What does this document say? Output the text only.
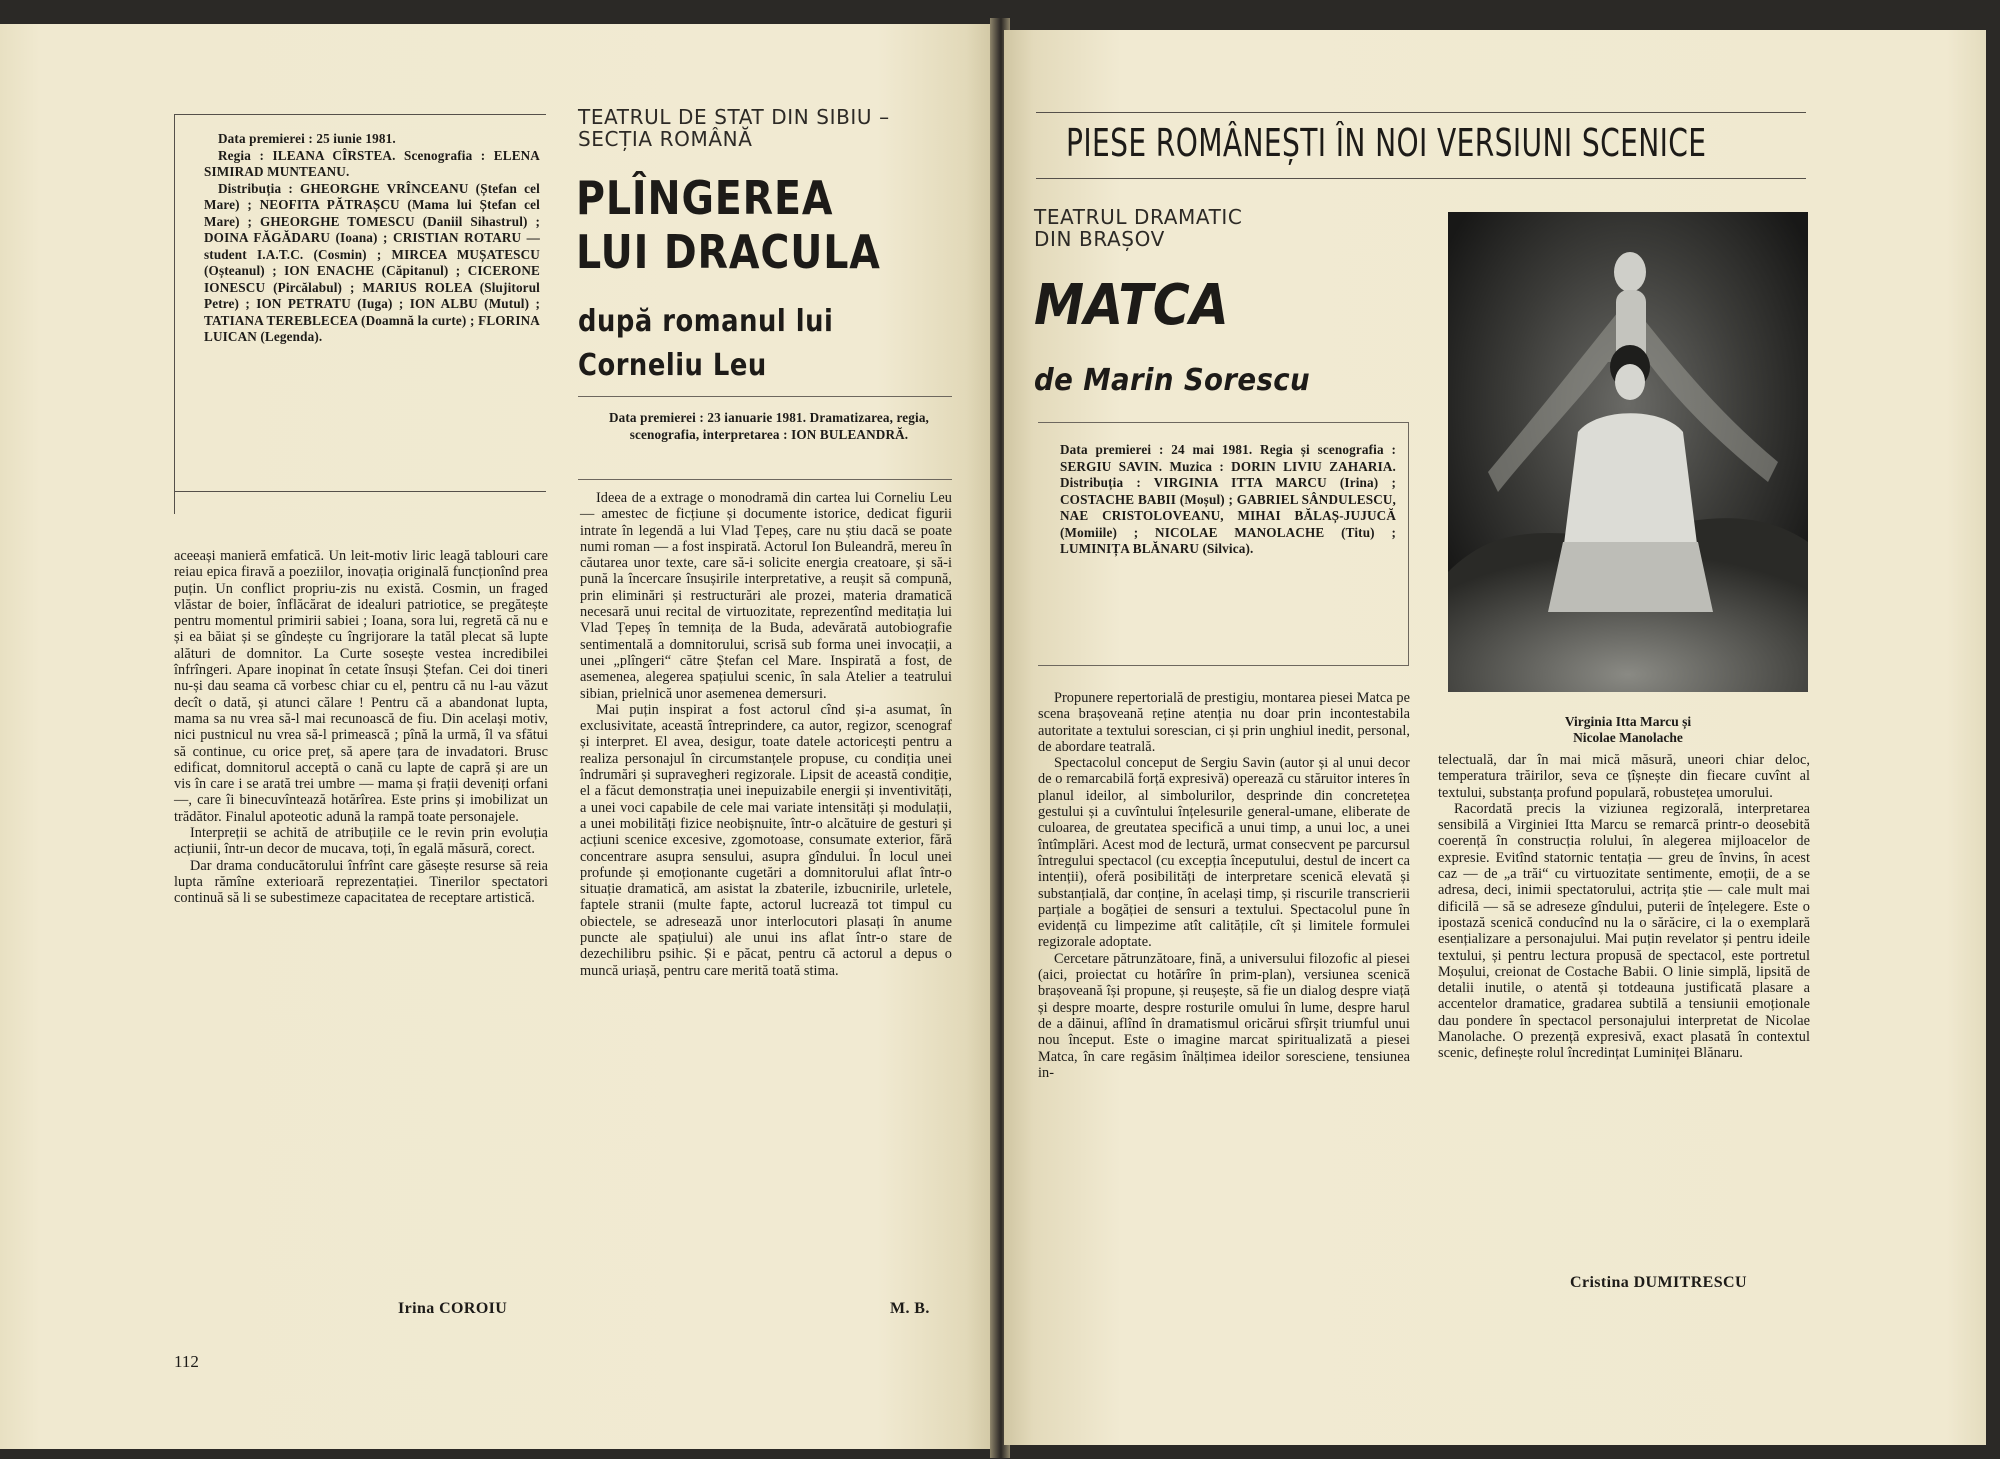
Data premierei : 25 iunie 1981.

Regia : ILEANA CÎRSTEA. Scenografia : ELENA SIMIRAD MUNTEANU.

Distribuția : GHEORGHE VRÎNCEANU (Ștefan cel Mare) ; NEOFITA PĂTRAȘCU (Mama lui Ștefan cel Mare) ; GHEORGHE TOMESCU (Daniil Sihastrul) ; DOINA FĂGĂDARU (Ioana) ; CRISTIAN ROTARU — student I.A.T.C. (Cosmin) ; MIRCEA MUȘATESCU (Oșteanul) ; ION ENACHE (Căpitanul) ; CICERONE IONESCU (Pircălabul) ; MARIUS ROLEA (Slujitorul Petre) ; ION PETRATU (Iuga) ; ION ALBU (Mutul) ; TATIANA TEREBLECEA (Doamnă la curte) ; FLORINA LUICAN (Legenda).

aceeași manieră emfatică. Un leit-motiv liric leagă tablouri care reiau epica firavă a poeziilor, inovația originală funcționînd prea puțin. Un conflict propriu-zis nu există. Cosmin, un fraged vlăstar de boier, înflăcărat de idealuri patriotice, se pregătește pentru momentul primirii sabiei ; Ioana, sora lui, regretă că nu e și ea băiat și se gîndește cu îngrijorare la tatăl plecat să lupte alături de domnitor. La Curte sosește vestea incredibilei înfrîngeri. Apare inopinat în cetate însuși Ștefan. Cei doi tineri nu-și dau seama că vorbesc chiar cu el, pentru că nu l-au văzut decît o dată, și atunci călare ! Pentru că a abandonat lupta, mama sa nu vrea să-l mai recunoască de fiu. Din același motiv, nici pustnicul nu vrea să-l primească ; pînă la urmă, îl va sfătui să continue, cu orice preț, să apere țara de invadatori. Brusc edificat, domnitorul acceptă o cană cu lapte de capră și are un vis în care i se arată trei umbre — mama și frații deveniți orfani —, care îi binecuvîntează hotărîrea. Este prins și imobilizat un trădător. Finalul apoteotic adună la rampă toate personajele.

Interpreții se achită de atribuțiile ce le revin prin evoluția acțiunii, într-un decor de mucava, toți, în egală măsură, corect.

Dar drama conducătorului înfrînt care găsește resurse să reia lupta rămîne exterioară reprezentației. Tinerilor spectatori continuă să li se subestimeze capacitatea de receptare artistică.

Irina COROIU
TEATRUL DE STAT DIN SIBIU – SECȚIA ROMÂNĂ
PLÎNGEREA
LUI DRACULA
după romanul lui
Corneliu Leu
Data premierei : 23 ianuarie 1981. Dramatizarea, regia, scenografia, interpretarea : ION BULEANDRĂ.

Ideea de a extrage o monodramă din cartea lui Corneliu Leu — amestec de ficțiune și documente istorice, dedicat figurii intrate în legendă a lui Vlad Țepeș, care nu știu dacă se poate numi roman — a fost inspirată. Actorul Ion Buleandră, mereu în căutarea unor texte, care să-i solicite energia creatoare, și să-i pună la încercare însușirile interpretative, a reușit să compună, prin eliminări și restructurări ale prozei, materia dramatică necesară unui recital de virtuozitate, reprezentînd meditația lui Vlad Țepeș în temnița de la Buda, adevărată autobiografie sentimentală a domnitorului, scrisă sub forma unei invocații, a unei „plîngeri“ către Ștefan cel Mare. Inspirată a fost, de asemenea, alegerea spațiului scenic, în sala Atelier a teatrului sibian, prielnică unor asemenea demersuri.

Mai puțin inspirat a fost actorul cînd și-a asumat, în exclusivitate, această întreprindere, ca autor, regizor, scenograf și interpret. El avea, desigur, toate datele actoricești pentru a realiza personajul în circumstanțele propuse, cu condiția unei îndrumări și supravegheri regizorale. Lipsit de această condiție, el a făcut demonstrația unei inepuizabile energii și inventivități, a unei voci capabile de cele mai variate intensități și modulații, a unei mobilități fizice neobișnuite, într-o alcătuire de gesturi și acțiuni scenice excesive, zgomotoase, consumate exterior, fără concentrare asupra sensului, asupra gîndului. În locul unei profunde și emoționante cugetări a domnitorului aflat într-o situație dramatică, am asistat la zbaterile, izbucnirile, urletele, faptele stranii (multe fapte, actorul lucrează tot timpul cu obiectele, se adresează unor interlocutori plasați în anume puncte ale spațiului) ale unui ins aflat într-o stare de dezechilibru psihic. Și e păcat, pentru că actorul a depus o muncă uriașă, pentru care merită toată stima.

M. B.
112
PIESE ROMÂNEȘTI ÎN NOI VERSIUNI SCENICE
TEATRUL DRAMATIC DIN BRAȘOV
MATCA
de Marin Sorescu
Data premierei : 24 mai 1981. Regia și scenografia : SERGIU SAVIN. Muzica : DORIN LIVIU ZAHARIA. Distribuția : VIRGINIA ITTA MARCU (Irina) ; COSTACHE BABII (Moșul) ; GABRIEL SÂNDULESCU, NAE CRISTOLOVEANU, MIHAI BĂLAȘ-JUJUCĂ (Momiile) ; NICOLAE MANOLACHE (Titu) ; LUMINIȚA BLĂNARU (Silvica).
Virginia Itta Marcu și
Nicolae Manolache

Propunere repertorială de prestigiu, montarea piesei Matca pe scena brașoveană reține atenția nu doar prin incontestabila autoritate a textului sorescian, ci și prin unghiul inedit, personal, de abordare teatrală.

Spectacolul conceput de Sergiu Savin (autor și al unui decor de o remarcabilă forță expresivă) operează cu stăruitor interes în planul ideilor, al simbolurilor, desprinde din concretețea gestului și a cuvîntului înțelesurile general-umane, eliberate de culoarea, de greutatea specifică a unui timp, a unui loc, a unei întîmplări. Acest mod de lectură, urmat consecvent pe parcursul întregului spectacol (cu excepția începutului, destul de incert ca intenții), oferă posibilități de interpretare scenică elevată și substanțială, dar conține, în același timp, și riscurile transcrierii parțiale a bogăției de sensuri a textului. Spectacolul pune în evidență cu limpezime atît calitățile, cît și limitele formulei regizorale adoptate.

Cercetare pătrunzătoare, fină, a universului filozofic al piesei (aici, proiectat cu hotărîre în prim-plan), versiunea scenică brașoveană își propune, și reușește, să fie un dialog despre viață și despre moarte, despre rosturile omului în lume, despre harul de a dăinui, aflînd în dramatismul oricărui sfîrșit triumful unui nou început. Este o imagine marcat spiritualizată a piesei Matca, în care regăsim înălțimea ideilor soresciene, tensiunea in-

telectuală, dar în mai mică măsură, uneori chiar deloc, temperatura trăirilor, seva ce țîșnește din fiecare cuvînt al textului, substanța profund populară, robustețea umorului.

Racordată precis la viziunea regizorală, interpretarea sensibilă a Virginiei Itta Marcu se remarcă printr-o deosebită coerență în construcția rolului, în alegerea mijloacelor de expresie. Evitînd statornic tentația — greu de învins, în acest caz — de „a trăi“ cu virtuozitate sentimente, emoții, de a se adresa, deci, inimii spectatorului, actrița știe — cale mult mai dificilă — să se adreseze gîndului, puterii de înțelegere. Este o ipostază scenică conducînd nu la o sărăcire, ci la o exemplară esențializare a personajului. Mai puțin revelator și pentru ideile textului, și pentru lectura propusă de spectacol, este portretul Moșului, creionat de Costache Babii. O linie simplă, lipsită de detalii inutile, o atentă și totdeauna justificată plasare a accentelor dramatice, gradarea subtilă a tensiunii emoționale dau pondere în spectacol personajului interpretat de Nicolae Manolache. O prezență expresivă, exact plasată în contextul scenic, definește rolul încredințat Luminiței Blănaru.

Cristina DUMITRESCU
